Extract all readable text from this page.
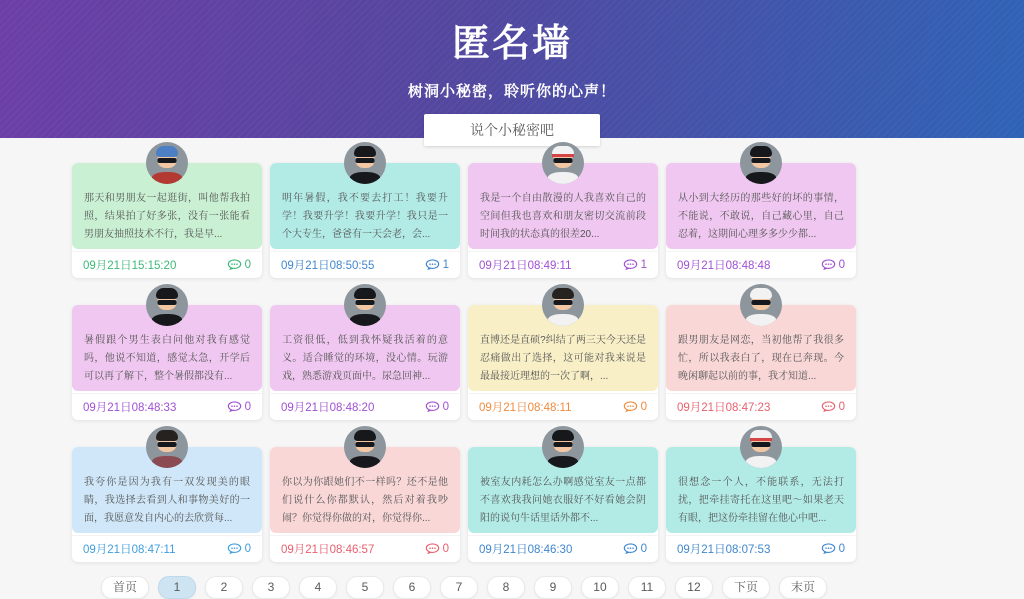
匿名墙

树洞小秘密，聆听你的心声！

说个小秘密吧

那天和男朋友一起逛街，叫他帮我拍照，结果拍了好多张，没有一张能看男朋友抽照技术不行，我是早...

09月21日15:15:20	0

明年暑假，我不要去打工！我要升学！我要升学！我要升学！我只是一个大专生，爸爸有一天会老，会...

09月21日08:50:55	1

我是一个自由散漫的人我喜欢自己的空间但我也喜欢和朋友密切交流前段时间我的状态真的很差20...

09月21日08:49:11	1

从小到大经历的那些好的坏的事情，不能说，不敢说，自己藏心里，自己忍着，这期间心理多多少少都...

09月21日08:48:48	0

暑假跟个男生表白问他对我有感觉吗，他说不知道，感觉太急，开学后可以再了解下，整个暑假都没有...

09月21日08:48:33	0

工资很低，低到我怀疑我活着的意义。适合睡觉的环境，没心情。玩游戏，熟悉游戏页面中。尿急回神...

09月21日08:48:20	0

直博还是直硕?纠结了两三天今天还是忍痛做出了选择，这可能对我来说是最最接近理想的一次了啊，...

09月21日08:48:11	0

跟男朋友是网恋，当初他帮了我很多忙，所以我表白了，现在已奔现。今晚闲聊起以前的事，我才知道...

09月21日08:47:23	0

我夸你是因为我有一双发现美的眼睛，我选择去看到人和事物美好的一面，我愿意发自内心的去欣赏每...

09月21日08:47:11	0

你以为你跟她们不一样吗？还不是他们说什么你都默认，然后对着我吵闹？你觉得你做的对，你觉得你...

09月21日08:46:57	0

被室友内耗怎么办啊感觉室友一点都不喜欢我我问她衣服好不好看她会阴阳的说句牛话里话外都不...

09月21日08:46:30	0

很想念一个人，不能联系，无法打扰，把牵挂寄托在这里吧～如果老天有眼，把这份牵挂留在他心中吧...

09月21日08:07:53	0
首页	1	2	3	4	5	6	7	8	9	10	11	12	下页	末页
